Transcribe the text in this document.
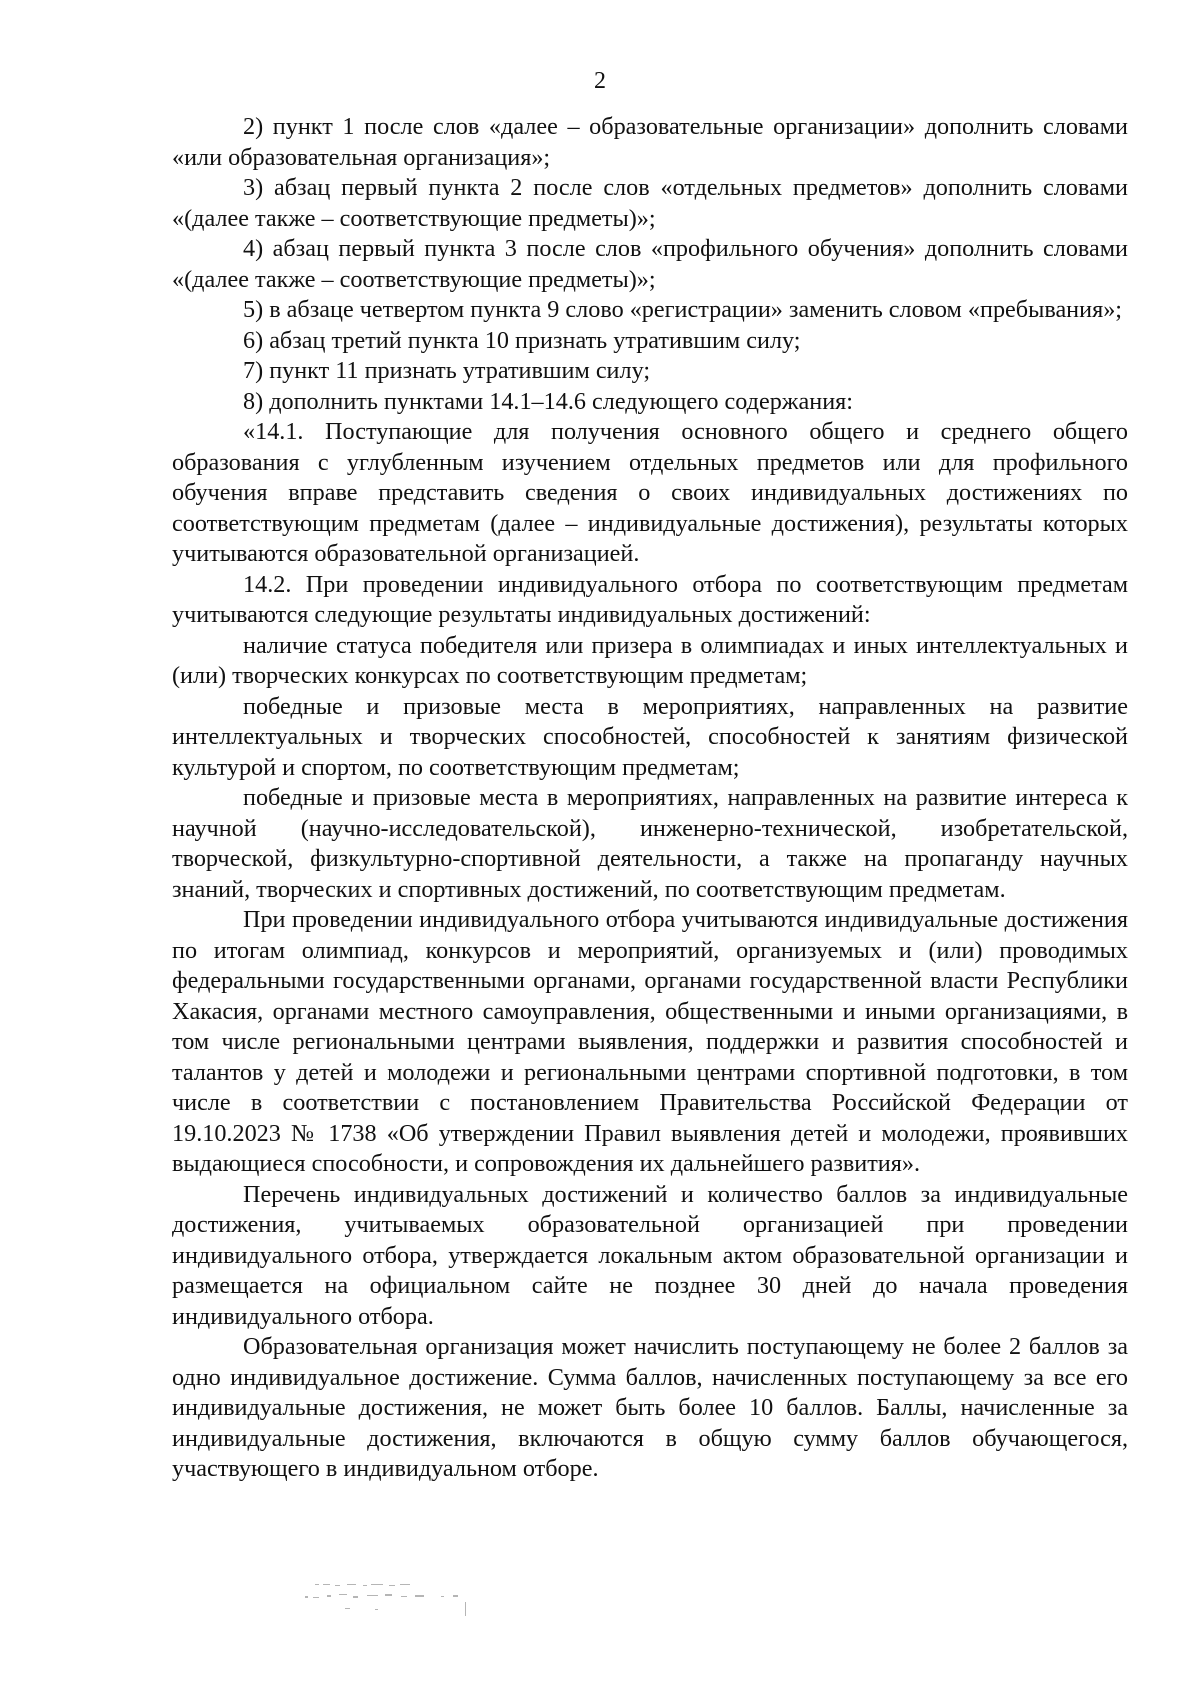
2

2) пункт 1 после слов «далее – образовательные организации» дополнить словами «или образовательная организация»;

3) абзац первый пункта 2 после слов «отдельных предметов» дополнить словами «(далее также – соответствующие предметы)»;

4) абзац первый пункта 3 после слов «профильного обучения» дополнить словами «(далее также – соответствующие предметы)»;

5) в абзаце четвертом пункта 9 слово «регистрации» заменить словом «пребывания»;

6) абзац третий пункта 10 признать утратившим силу;

7) пункт 11 признать утратившим силу;

8) дополнить пунктами 14.1–14.6 следующего содержания:

«14.1. Поступающие для получения основного общего и среднего общего образования с углубленным изучением отдельных предметов или для профильного обучения вправе представить сведения о своих индивидуальных достижениях по соответствующим предметам (далее – индивидуальные достижения), результаты которых учитываются образовательной организацией.

14.2. При проведении индивидуального отбора по соответствующим предметам учитываются следующие результаты индивидуальных достижений:

наличие статуса победителя или призера в олимпиадах и иных интеллектуальных и (или) творческих конкурсах по соответствующим предметам;

победные и призовые места в мероприятиях, направленных на развитие интеллектуальных и творческих способностей, способностей к занятиям физической культурой и спортом, по соответствующим предметам;

победные и призовые места в мероприятиях, направленных на развитие интереса к научной (научно-исследовательской), инженерно-технической, изобретательской, творческой, физкультурно-спортивной деятельности, а также на пропаганду научных знаний, творческих и спортивных достижений, по соответствующим предметам.

При проведении индивидуального отбора учитываются индивидуальные достижения по итогам олимпиад, конкурсов и мероприятий, организуемых и (или) проводимых федеральными государственными органами, органами государственной власти Республики Хакасия, органами местного самоуправления, общественными и иными организациями, в том числе региональными центрами выявления, поддержки и развития способностей и талантов у детей и молодежи и региональными центрами спортивной подготовки, в том числе в соответствии с постановлением Правительства Российской Федерации от 19.10.2023 № 1738 «Об утверждении Правил выявления детей и молодежи, проявивших выдающиеся способности, и сопровождения их дальнейшего развития».

Перечень индивидуальных достижений и количество баллов за индивидуальные достижения, учитываемых образовательной организацией при проведении индивидуального отбора, утверждается локальным актом образовательной организации и размещается на официальном сайте не позднее 30 дней до начала проведения индивидуального отбора.

Образовательная организация может начислить поступающему не более 2 баллов за одно индивидуальное достижение. Сумма баллов, начисленных поступающему за все его индивидуальные достижения, не может быть более 10 баллов. Баллы, начисленные за индивидуальные достижения, включаются в общую сумму баллов обучающегося, участвующего в индивидуальном отборе.
